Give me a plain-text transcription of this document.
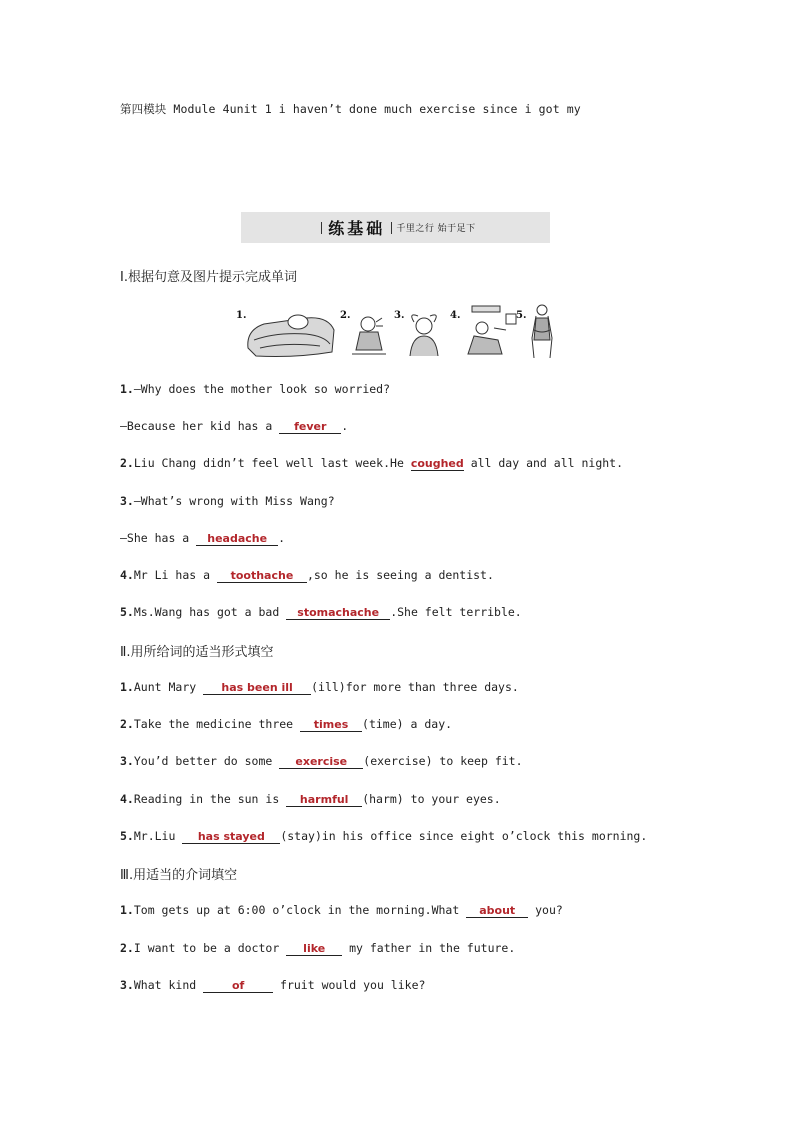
第四模块 Module 4unit 1 i haven’t done much exercise since i got my
练基础 千里之行 始于足下
Ⅰ.根据句意及图片提示完成单词
1.	2.	3.	4.	5.
1.—Why does the mother look so worried?
—Because her kid has a fever .
2.Liu Chang didn’t feel well last week.He coughed all day and all night.
3.—What’s wrong with Miss Wang?
—She has a headache .
4.Mr Li has a toothache ,so he is seeing a dentist.
5.Ms.Wang has got a bad stomachache .She felt terrible.
Ⅱ.用所给词的适当形式填空
1.Aunt Mary has been ill (ill)for more than three days.
2.Take the medicine three times (time) a day.
3.You’d better do some exercise (exercise) to keep fit.
4.Reading in the sun is harmful (harm) to your eyes.
5.Mr.Liu has stayed (stay)in his office since eight o’clock this morning.
Ⅲ.用适当的介词填空
1.Tom gets up at 6:00 o’clock in the morning.What about you?
2.I want to be a doctor like my father in the future.
3.What kind	of	fruit would you like?
